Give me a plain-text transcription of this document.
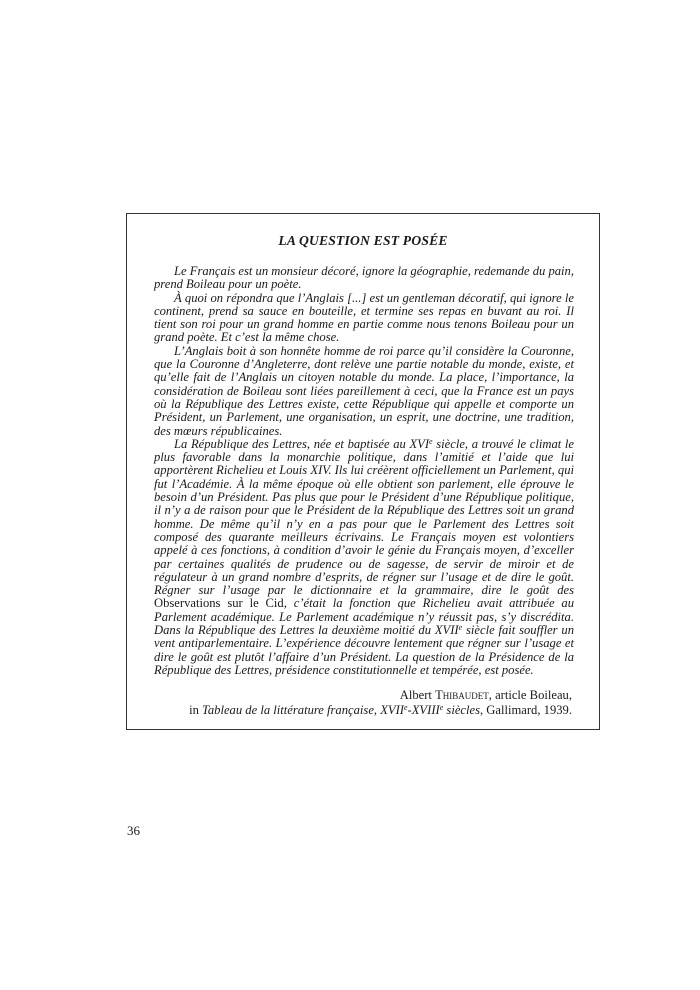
LA QUESTION EST POSÉE

Le Français est un monsieur décoré, ignore la géographie, redemande du pain, prend Boileau pour un poète.

À quoi on répondra que l’Anglais [...] est un gentleman décoratif, qui ignore le continent, prend sa sauce en bouteille, et termine ses repas en buvant au roi. Il tient son roi pour un grand homme en partie comme nous tenons Boileau pour un grand poète. Et c’est la même chose.

L’Anglais boit à son honnête homme de roi parce qu’il considère la Couronne, que la Couronne d’Angleterre, dont relève une partie notable du monde, existe, et qu’elle fait de l’Anglais un citoyen notable du monde. La place, l’importance, la considération de Boileau sont liées pareillement à ceci, que la France est un pays où la République des Lettres existe, cette République qui appelle et comporte un Président, un Parlement, une organisation, un esprit, une doctrine, une tradition, des mœurs républicaines.

La République des Lettres, née et baptisée au XVIe siècle, a trouvé le climat le plus favorable dans la monarchie politique, dans l’amitié et l’aide que lui apportèrent Richelieu et Louis XIV. Ils lui créèrent officiellement un Parlement, qui fut l’Académie. À la même époque où elle obtient son parlement, elle éprouve le besoin d’un Président. Pas plus que pour le Président d’une République politique, il n’y a de raison pour que le Président de la République des Lettres soit un grand homme. De même qu’il n’y en a pas pour que le Parlement des Lettres soit composé des quarante meilleurs écrivains. Le Français moyen est volontiers appelé à ces fonctions, à condition d’avoir le génie du Français moyen, d’exceller par certaines qualités de prudence ou de sagesse, de servir de miroir et de régulateur à un grand nombre d’esprits, de régner sur l’usage et de dire le goût. Régner sur l’usage par le dictionnaire et la grammaire, dire le goût des Observations sur le Cid, c’était la fonction que Richelieu avait attribuée au Parlement académique. Le Parlement académique n’y réussit pas, s’y discrédita. Dans la République des Lettres la deuxième moitié du XVIIe siècle fait souffler un vent antiparlementaire. L’expérience découvre lentement que régner sur l’usage et dire le goût est plutôt l’affaire d’un Président. La question de la Présidence de la République des Lettres, présidence constitutionnelle et tempérée, est posée.

Albert Thibaudet, article Boileau,
in Tableau de la littérature française, XVIIe-XVIIIe siècles, Gallimard, 1939.
36
